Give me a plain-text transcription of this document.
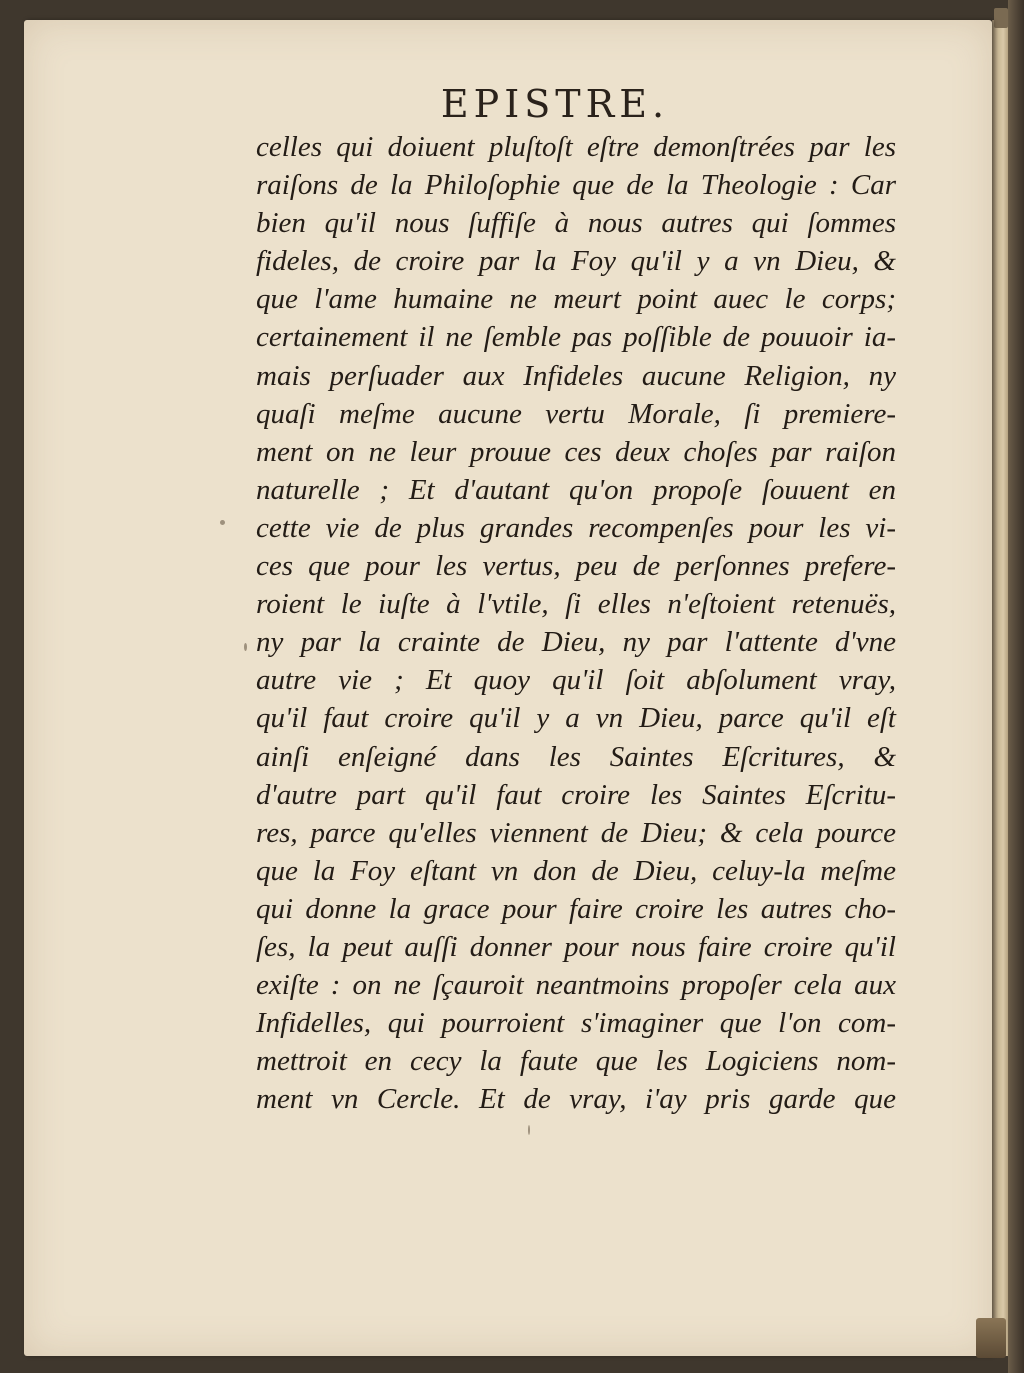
EPISTRE.
celles qui doiuent pluſtoſt eſtre demonſtrées par les
raiſons de la Philoſophie que de la Theologie : Car
bien qu'il nous ſuffiſe à nous autres qui ſommes
fideles, de croire par la Foy qu'il y a vn Dieu, &
que l'ame humaine ne meurt point auec le corps;
certainement il ne ſemble pas poſſible de pouuoir ia-
mais perſuader aux Infideles aucune Religion, ny
quaſi meſme aucune vertu Morale, ſi premiere-
ment on ne leur prouue ces deux choſes par raiſon
naturelle ; Et d'autant qu'on propoſe ſouuent en
cette vie de plus grandes recompenſes pour les vi-
ces que pour les vertus, peu de perſonnes prefere-
roient le iuſte à l'vtile, ſi elles n'eſtoient retenuës,
ny par la crainte de Dieu, ny par l'attente d'vne
autre vie ; Et quoy qu'il ſoit abſolument vray,
qu'il faut croire qu'il y a vn Dieu, parce qu'il eſt
ainſi enſeigné dans les Saintes Eſcritures, &
d'autre part qu'il faut croire les Saintes Eſcritu-
res, parce qu'elles viennent de Dieu; & cela pource
que la Foy eſtant vn don de Dieu, celuy-la meſme
qui donne la grace pour faire croire les autres cho-
ſes, la peut auſſi donner pour nous faire croire qu'il
exiſte : on ne ſçauroit neantmoins propoſer cela aux
Infidelles, qui pourroient s'imaginer que l'on com-
mettroit en cecy la faute que les Logiciens nom-
ment vn Cercle. Et de vray, i'ay pris garde que
